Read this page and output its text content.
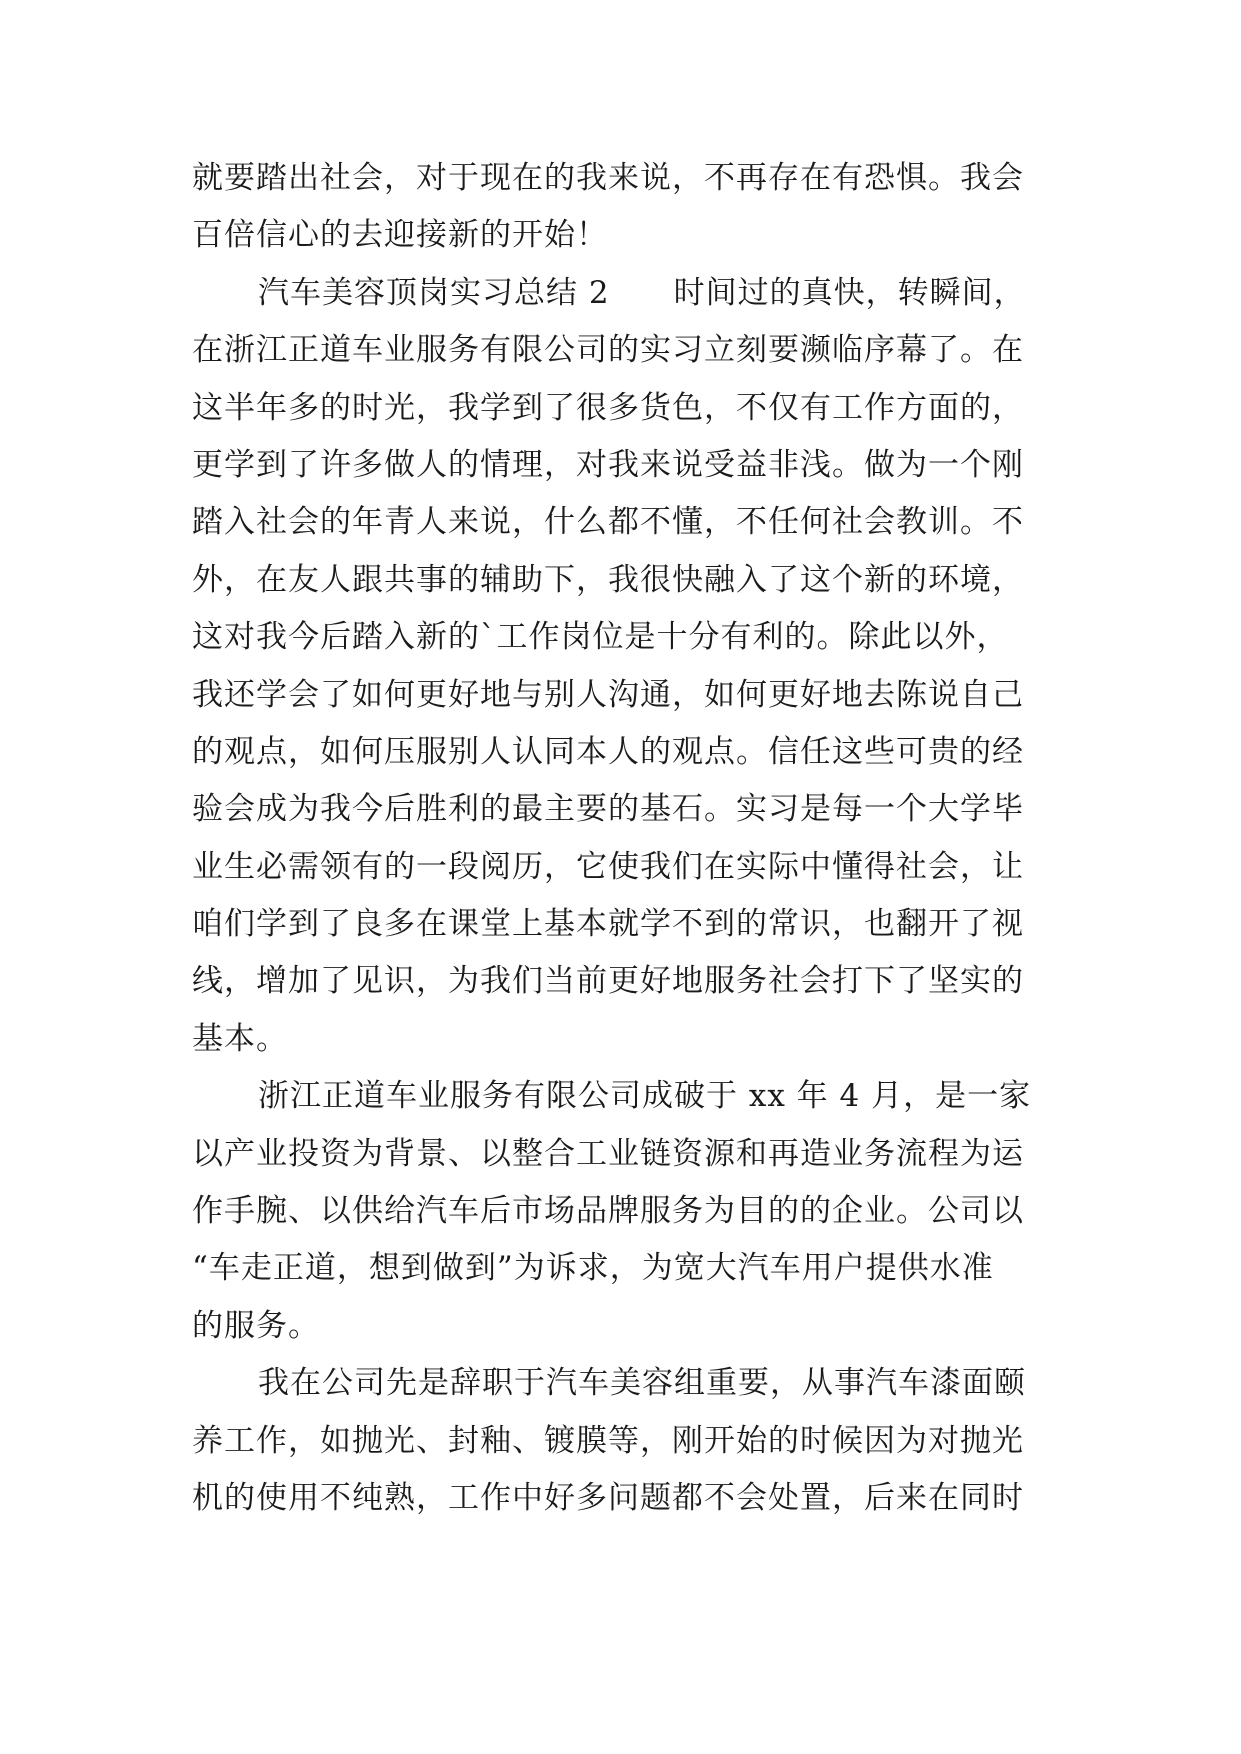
就要踏出社会，对于现在的我来说，不再存在有恐惧。我会
百倍信心的去迎接新的开始！
汽车美容顶岗实习总结 2　　时间过的真快，转瞬间，
在浙江正道车业服务有限公司的实习立刻要濒临序幕了。在
这半年多的时光，我学到了很多货色，不仅有工作方面的，
更学到了许多做人的情理，对我来说受益非浅。做为一个刚
踏入社会的年青人来说，什么都不懂，不任何社会教训。不
外，在友人跟共事的辅助下，我很快融入了这个新的环境，
这对我今后踏入新的`工作岗位是十分有利的。除此以外，
我还学会了如何更好地与别人沟通，如何更好地去陈说自己
的观点，如何压服别人认同本人的观点。信任这些可贵的经
验会成为我今后胜利的最主要的基石。实习是每一个大学毕
业生必需领有的一段阅历，它使我们在实际中懂得社会，让
咱们学到了良多在课堂上基本就学不到的常识，也翻开了视
线，增加了见识，为我们当前更好地服务社会打下了坚实的
基本。
浙江正道车业服务有限公司成破于 xx 年 4 月，是一家
以产业投资为背景、以整合工业链资源和再造业务流程为运
作手腕、以供给汽车后市场品牌服务为目的的企业。公司以
“车走正道，想到做到”为诉求，为宽大汽车用户提供水准
的服务。
我在公司先是辞职于汽车美容组重要，从事汽车漆面颐
养工作，如抛光、封釉、镀膜等，刚开始的时候因为对抛光
机的使用不纯熟，工作中好多问题都不会处置，后来在同时
